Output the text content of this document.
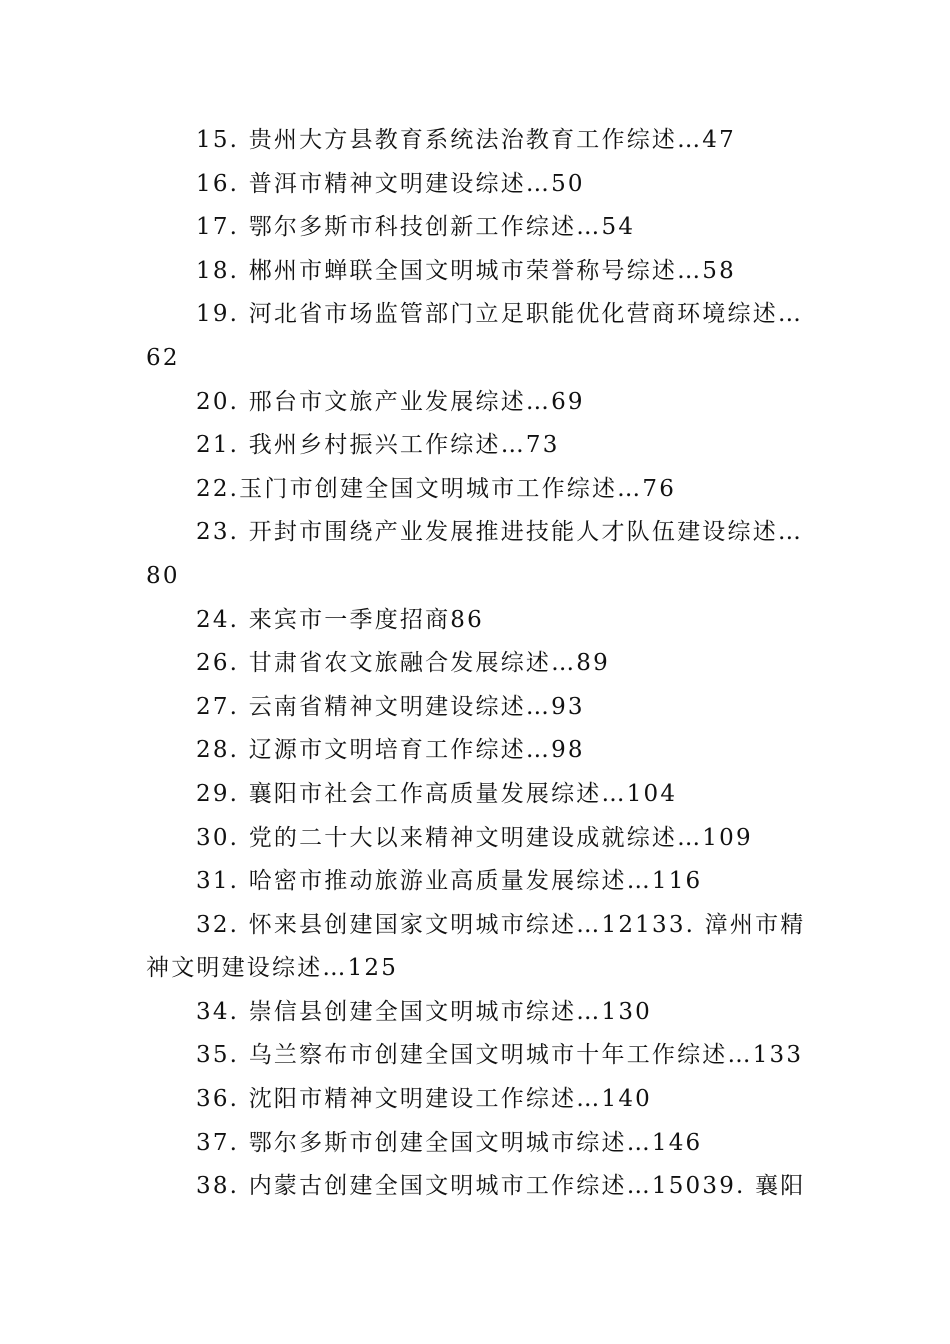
15. 贵州大方县教育系统法治教育工作综述…47

16. 普洱市精神文明建设综述…50

17. 鄂尔多斯市科技创新工作综述…54

18. 郴州市蝉联全国文明城市荣誉称号综述…58

19. 河北省市场监管部门立足职能优化营商环境综述…62

20. 邢台市文旅产业发展综述…69

21. 我州乡村振兴工作综述…73

22.玉门市创建全国文明城市工作综述…76

23. 开封市围绕产业发展推进技能人才队伍建设综述…80

24. 来宾市一季度招商86

26. 甘肃省农文旅融合发展综述…89

27. 云南省精神文明建设综述…93

28. 辽源市文明培育工作综述…98

29. 襄阳市社会工作高质量发展综述…104

30. 党的二十大以来精神文明建设成就综述…109

31. 哈密市推动旅游业高质量发展综述…116

32. 怀来县创建国家文明城市综述…12133. 漳州市精神文明建设综述…125

34. 崇信县创建全国文明城市综述…130

35. 乌兰察布市创建全国文明城市十年工作综述…133

36. 沈阳市精神文明建设工作综述…140

37. 鄂尔多斯市创建全国文明城市综述…146

38. 内蒙古创建全国文明城市工作综述…15039. 襄阳
